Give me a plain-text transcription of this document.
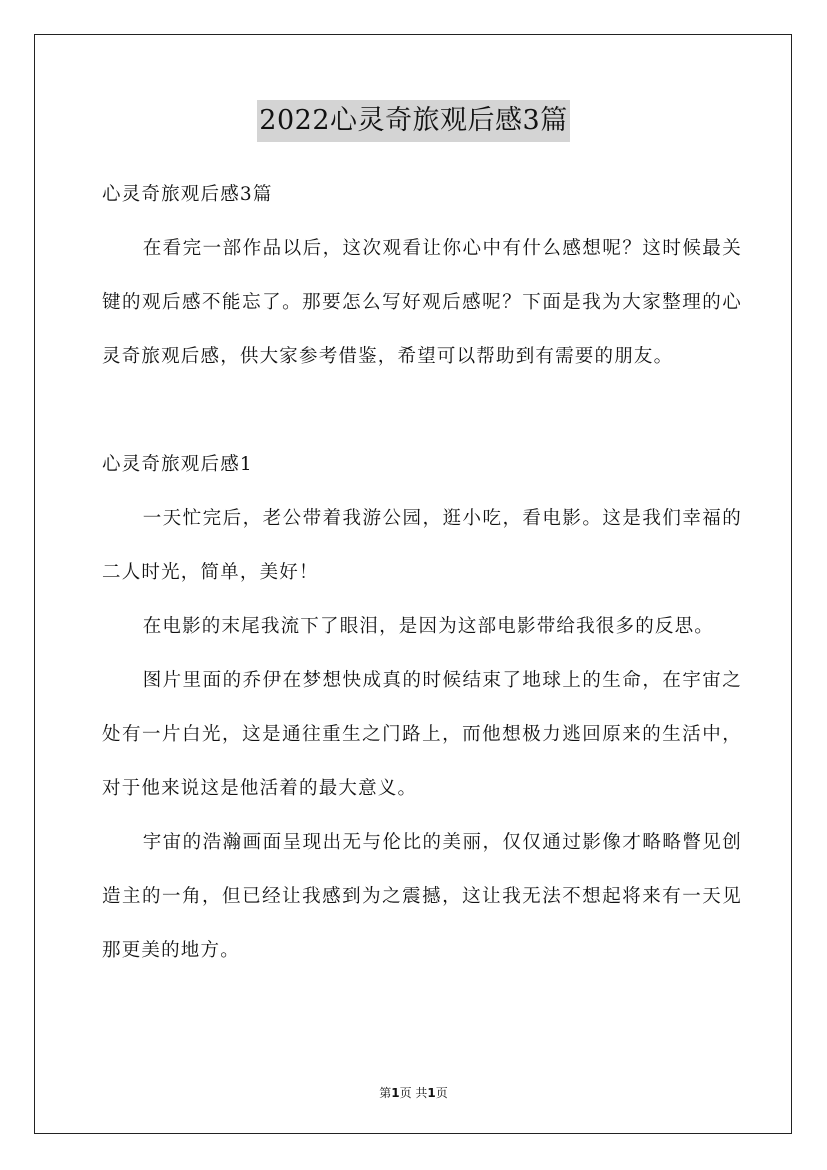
2022心灵奇旅观后感3篇

心灵奇旅观后感3篇

在看完一部作品以后，这次观看让你心中有什么感想呢？这时候最关键的观后感不能忘了。那要怎么写好观后感呢？下面是我为大家整理的心灵奇旅观后感，供大家参考借鉴，希望可以帮助到有需要的朋友。

心灵奇旅观后感1

一天忙完后，老公带着我游公园，逛小吃，看电影。这是我们幸福的二人时光，简单，美好！

在电影的末尾我流下了眼泪，是因为这部电影带给我很多的反思。

图片里面的乔伊在梦想快成真的时候结束了地球上的生命，在宇宙之处有一片白光，这是通往重生之门路上，而他想极力逃回原来的生活中，对于他来说这是他活着的最大意义。

宇宙的浩瀚画面呈现出无与伦比的美丽，仅仅通过影像才略略瞥见创造主的一角，但已经让我感到为之震撼，这让我无法不想起将来有一天见那更美的地方。

第1页 共1页
